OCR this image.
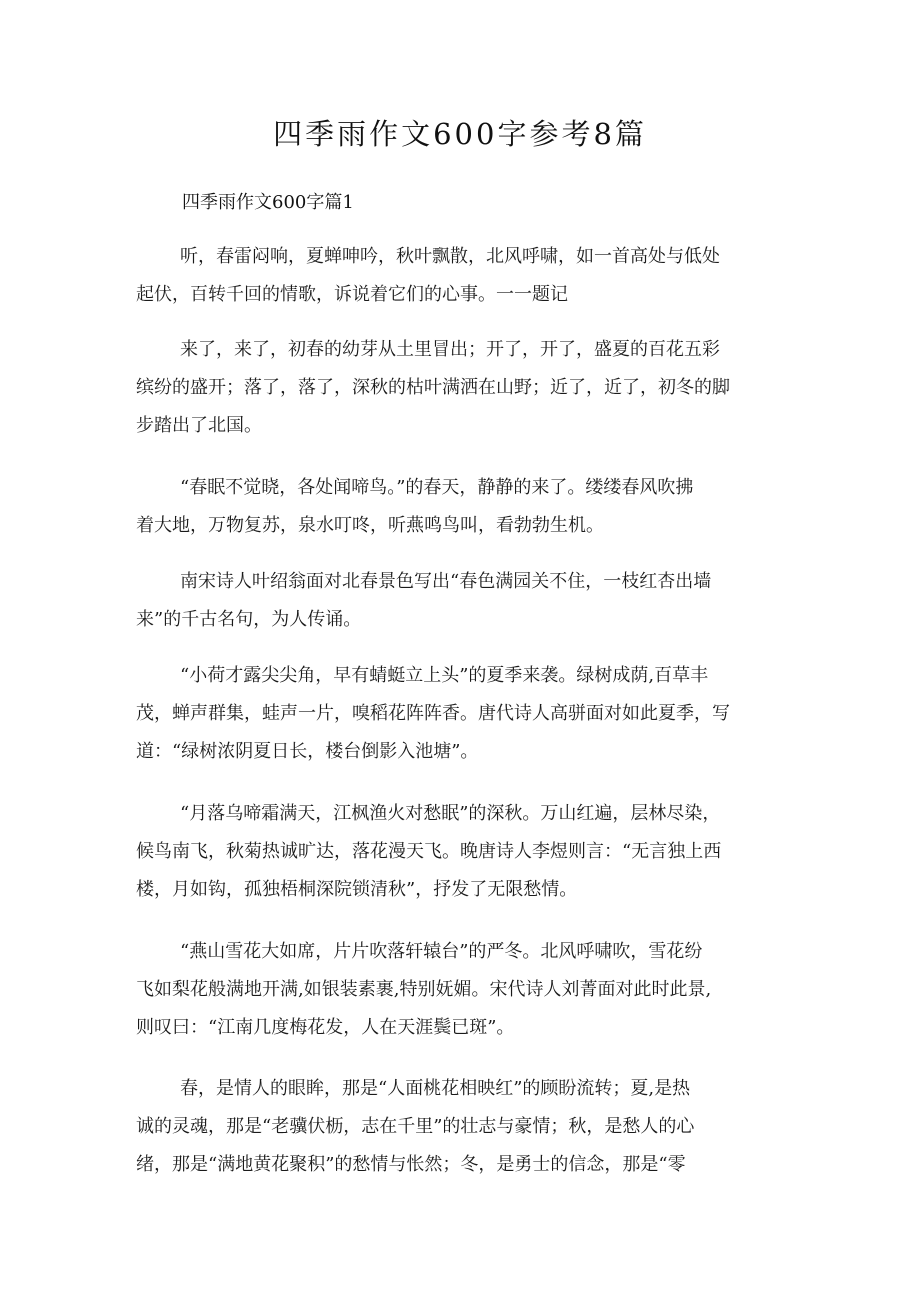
四季雨作文600字参考8篇
四季雨作文600字篇1

听，春雷闷响，夏蝉呻吟，秋叶飘散，北风呼啸，如一首高处与低处
起伏，百转千回的情歌，诉说着它们的心事。一一题记

来了，来了，初春的幼芽从土里冒出；开了，开了，盛夏的百花五彩
缤纷的盛开；落了，落了，深秋的枯叶满洒在山野；近了，近了，初冬的脚
步踏出了北国。

“春眠不觉晓，各处闻啼鸟。”的春天，静静的来了。缕缕春风吹拂
着大地，万物复苏，泉水叮咚，听燕鸣鸟叫，看勃勃生机。

南宋诗人叶绍翁面对北春景色写出“春色满园关不住，一枝红杏出墙
来”的千古名句，为人传诵。

“小荷才露尖尖角，早有蜻蜓立上头”的夏季来袭。绿树成荫,百草丰
茂，蝉声群集，蛙声一片，嗅稻花阵阵香。唐代诗人高骈面对如此夏季，写
道：“绿树浓阴夏日长，楼台倒影入池塘”。

“月落乌啼霜满天，江枫渔火对愁眠”的深秋。万山红遍，层林尽染，
候鸟南飞，秋菊热诚旷达，落花漫天飞。晚唐诗人李煜则言：“无言独上西
楼，月如钩，孤独梧桐深院锁清秋”，抒发了无限愁情。

“燕山雪花大如席，片片吹落轩辕台”的严冬。北风呼啸吹，雪花纷
飞如梨花般满地开满,如银装素裹,特别妩媚。宋代诗人刘菁面对此时此景,
则叹曰：“江南几度梅花发，人在天涯鬓已斑”。

春，是情人的眼眸，那是“人面桃花相映红”的顾盼流转；夏,是热
诚的灵魂，那是“老骥伏枥，志在千里”的壮志与豪情；秋，是愁人的心
绪，那是“满地黄花聚积”的愁情与怅然；冬，是勇士的信念，那是“零
